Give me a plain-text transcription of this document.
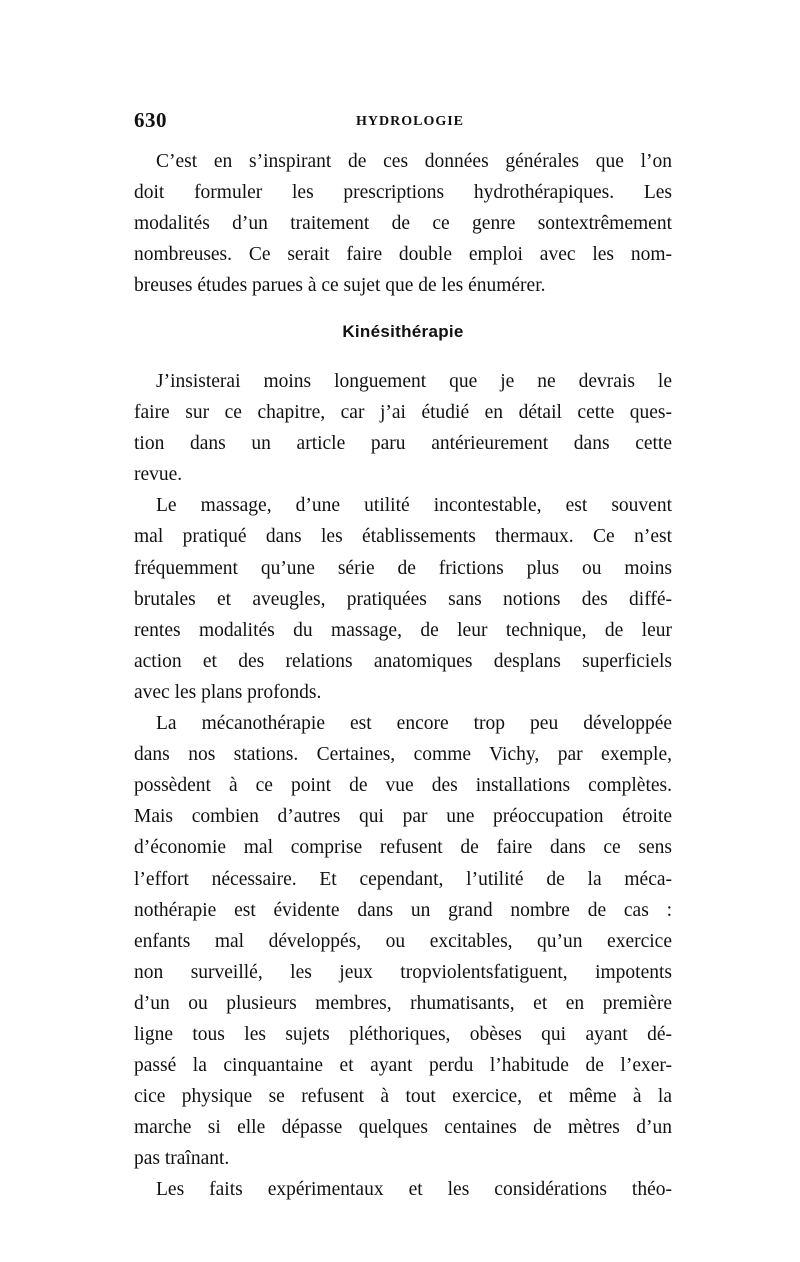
630	HYDROLOGIE
C’est en s’inspirant de ces données générales que l’on
doit formuler les prescriptions hydrothérapiques. Les
modalités d’un traitement de ce genre sontextrêmement
nombreuses. Ce serait faire double emploi avec les nom-
breuses études parues à ce sujet que de les énumérer.
Kinésithérapie
J’insisterai moins longuement que je ne devrais le
faire sur ce chapitre, car j’ai étudié en détail cette ques-
tion dans un article paru antérieurement dans cette
revue.
Le massage, d’une utilité incontestable, est souvent
mal pratiqué dans les établissements thermaux. Ce n’est
fréquemment qu’une série de frictions plus ou moins
brutales et aveugles, pratiquées sans notions des diffé-
rentes modalités du massage, de leur technique, de leur
action et des relations anatomiques desplans superficiels
avec les plans profonds.
La mécanothérapie est encore trop peu développée
dans nos stations. Certaines, comme Vichy, par exemple,
possèdent à ce point de vue des installations complètes.
Mais combien d’autres qui par une préoccupation étroite
d’économie mal comprise refusent de faire dans ce sens
l’effort nécessaire. Et cependant, l’utilité de la méca-
nothérapie est évidente dans un grand nombre de cas :
enfants mal développés, ou excitables, qu’un exercice
non surveillé, les jeux tropviolentsfatiguent, impotents
d’un ou plusieurs membres, rhumatisants, et en première
ligne tous les sujets pléthoriques, obèses qui ayant dé-
passé la cinquantaine et ayant perdu l’habitude de l’exer-
cice physique se refusent à tout exercice, et même à la
marche si elle dépasse quelques centaines de mètres d’un
pas traînant.
Les faits expérimentaux et les considérations théo-
